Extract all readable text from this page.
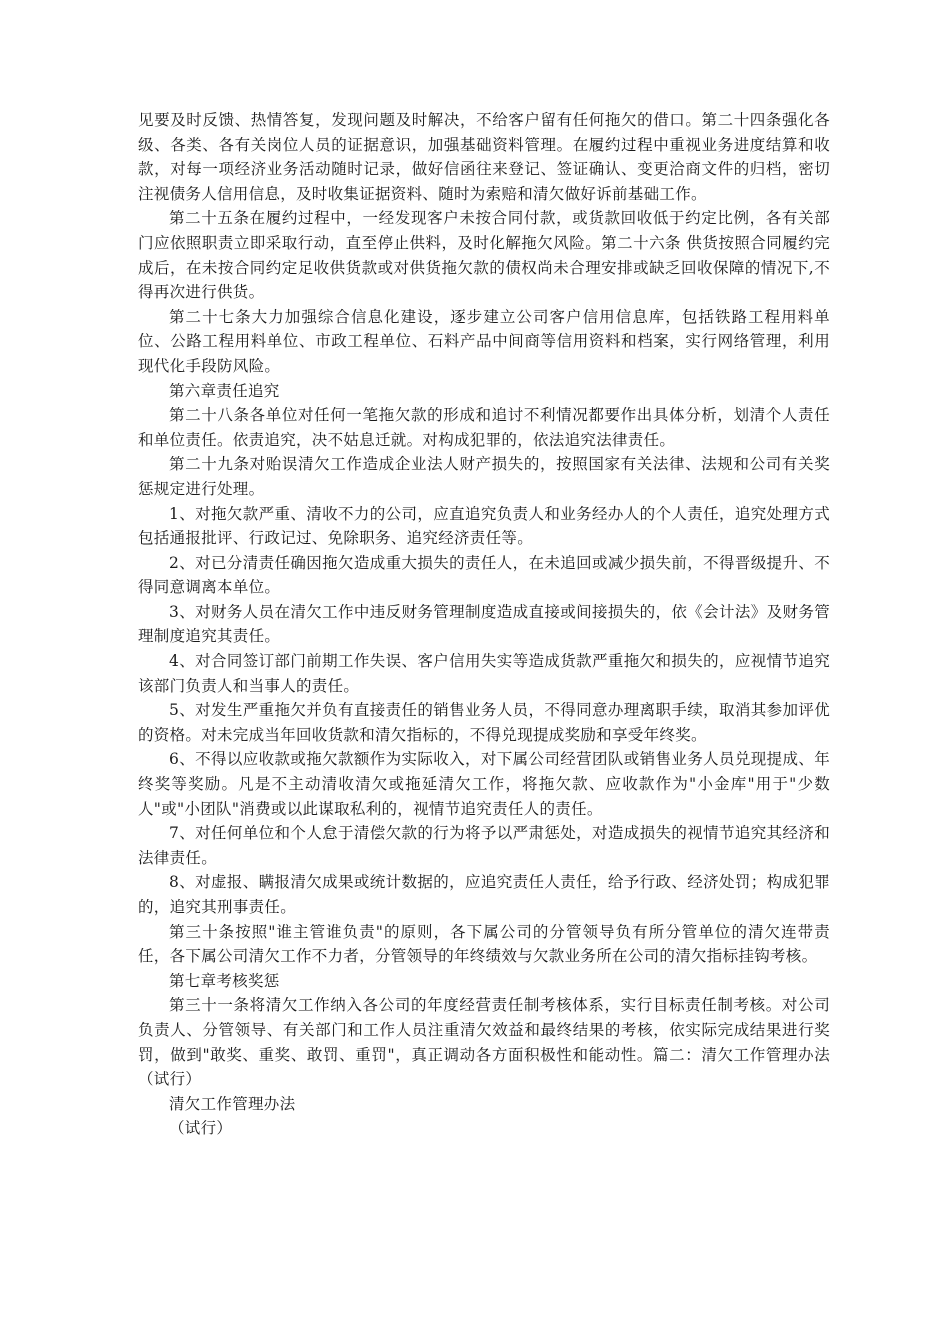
见要及时反馈、热情答复，发现问题及时解决，不给客户留有任何拖欠的借口。第二十四条强化各级、各类、各有关岗位人员的证据意识，加强基础资料管理。在履约过程中重视业务进度结算和收款，对每一项经济业务活动随时记录，做好信函往来登记、签证确认、变更洽商文件的归档，密切注视债务人信用信息，及时收集证据资料、随时为索赔和清欠做好诉前基础工作。

第二十五条在履约过程中，一经发现客户未按合同付款，或货款回收低于约定比例，各有关部门应依照职责立即采取行动，直至停止供料，及时化解拖欠风险。第二十六条 供货按照合同履约完成后，在未按合同约定足收供货款或对供货拖欠款的债权尚未合理安排或缺乏回收保障的情况下,不得再次进行供货。

第二十七条大力加强综合信息化建设，逐步建立公司客户信用信息库，包括铁路工程用料单位、公路工程用料单位、市政工程单位、石料产品中间商等信用资料和档案，实行网络管理，利用现代化手段防风险。

第六章责任追究

第二十八条各单位对任何一笔拖欠款的形成和追讨不利情况都要作出具体分析，划清个人责任和单位责任。依责追究，决不姑息迁就。对构成犯罪的，依法追究法律责任。

第二十九条对贻误清欠工作造成企业法人财产损失的，按照国家有关法律、法规和公司有关奖惩规定进行处理。

1、对拖欠款严重、清收不力的公司，应直追究负责人和业务经办人的个人责任，追究处理方式包括通报批评、行政记过、免除职务、追究经济责任等。

2、对已分清责任确因拖欠造成重大损失的责任人，在未追回或减少损失前，不得晋级提升、不得同意调离本单位。

3、对财务人员在清欠工作中违反财务管理制度造成直接或间接损失的，依《会计法》及财务管理制度追究其责任。

4、对合同签订部门前期工作失误、客户信用失实等造成货款严重拖欠和损失的，应视情节追究该部门负责人和当事人的责任。

5、对发生严重拖欠并负有直接责任的销售业务人员，不得同意办理离职手续，取消其参加评优的资格。对未完成当年回收货款和清欠指标的，不得兑现提成奖励和享受年终奖。

6、不得以应收款或拖欠款额作为实际收入，对下属公司经营团队或销售业务人员兑现提成、年终奖等奖励。凡是不主动清收清欠或拖延清欠工作，将拖欠款、应收款作为"小金库"用于"少数人"或"小团队"消费或以此谋取私利的，视情节追究责任人的责任。

7、对任何单位和个人怠于清偿欠款的行为将予以严肃惩处，对造成损失的视情节追究其经济和法律责任。

8、对虚报、瞒报清欠成果或统计数据的，应追究责任人责任，给予行政、经济处罚；构成犯罪的，追究其刑事责任。

第三十条按照"谁主管谁负责"的原则，各下属公司的分管领导负有所分管单位的清欠连带责任，各下属公司清欠工作不力者，分管领导的年终绩效与欠款业务所在公司的清欠指标挂钩考核。

第七章考核奖惩

第三十一条将清欠工作纳入各公司的年度经营责任制考核体系，实行目标责任制考核。对公司负责人、分管领导、有关部门和工作人员注重清欠效益和最终结果的考核，依实际完成结果进行奖罚，做到"敢奖、重奖、敢罚、重罚"，真正调动各方面积极性和能动性。篇二：清欠工作管理办法（试行）

清欠工作管理办法

（试行）
